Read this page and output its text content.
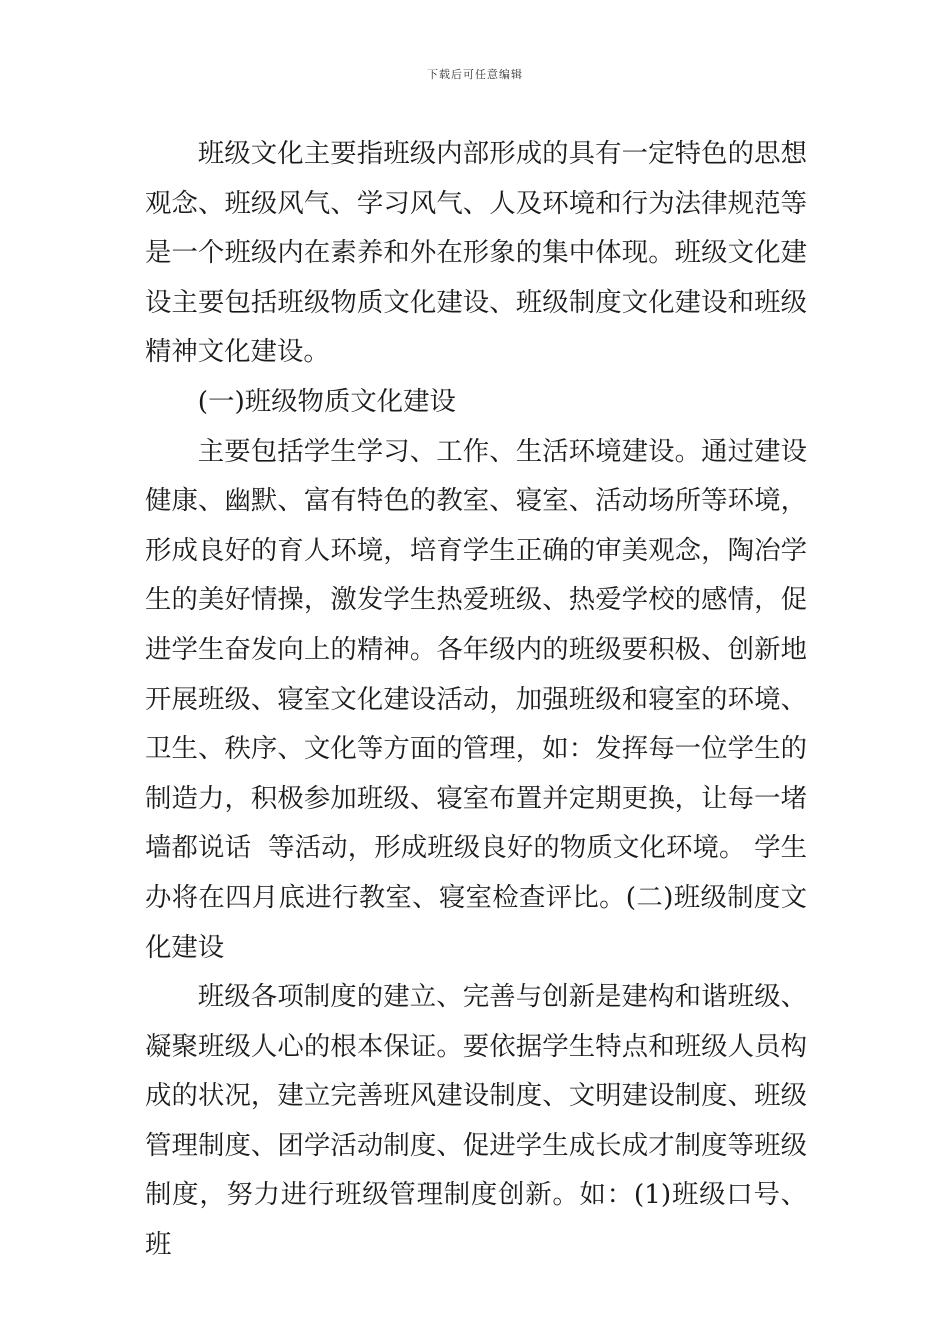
下载后可任意编辑

班级文化主要指班级内部形成的具有一定特色的思想观念、班级风气、学习风气、人及环境和行为法律规范等是一个班级内在素养和外在形象的集中体现。班级文化建设主要包括班级物质文化建设、班级制度文化建设和班级精神文化建设。

(一)班级物质文化建设

主要包括学生学习、工作、生活环境建设。通过建设健康、幽默、富有特色的教室、寝室、活动场所等环境，形成良好的育人环境，培育学生正确的审美观念，陶冶学生的美好情操，激发学生热爱班级、热爱学校的感情，促进学生奋发向上的精神。各年级内的班级要积极、创新地开展班级、寝室文化建设活动，加强班级和寝室的环境、卫生、秩序、文化等方面的管理，如：发挥每一位学生的制造力，积极参加班级、寝室布置并定期更换，让每一堵墙都说话  等活动，形成班级良好的物质文化环境。 学生办将在四月底进行教室、寝室检查评比。(二)班级制度文化建设

班级各项制度的建立、完善与创新是建构和谐班级、凝聚班级人心的根本保证。要依据学生特点和班级人员构成的状况，建立完善班风建设制度、文明建设制度、班级管理制度、团学活动制度、促进学生成长成才制度等班级制度，努力进行班级管理制度创新。如：(1)班级口号、班
